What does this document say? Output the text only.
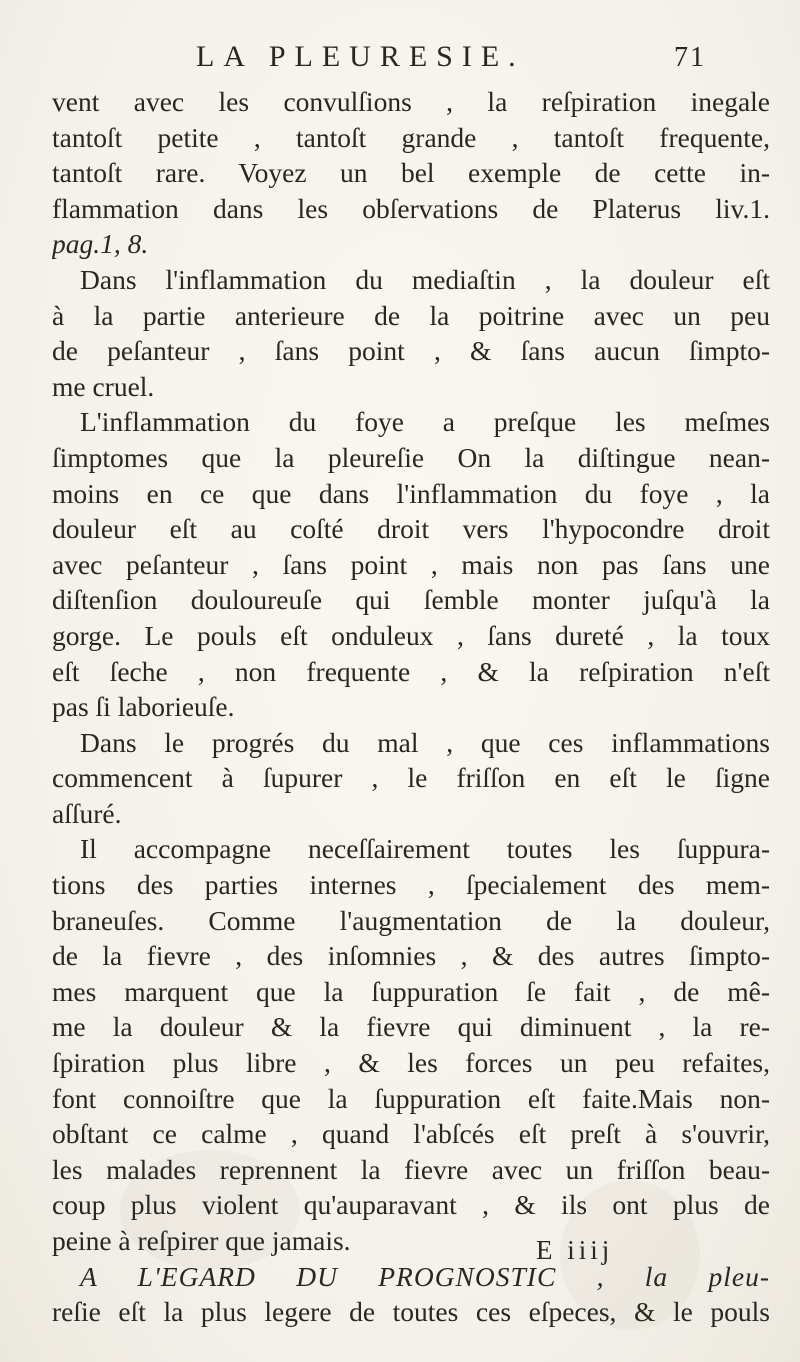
LA PLEURESIE.	71
vent avec les convulſions , la reſpiration inegale
tantoſt petite , tantoſt grande , tantoſt frequente,
tantoſt rare. Voyez un bel exemple de cette in‑
flammation dans les obſervations de Platerus liv.1.
pag.1, 8.
Dans l'inflammation du mediaſtin , la douleur eſt
à la partie anterieure de la poitrine avec un peu
de peſanteur , ſans point , & ſans aucun ſimpto‑
me cruel.
L'inflammation du foye a preſque les meſmes
ſimptomes que la pleureſie On la diſtingue nean‑
moins en ce que dans l'inflammation du foye , la
douleur eſt au coſté droit vers l'hypocondre droit
avec peſanteur , ſans point , mais non pas ſans une
diſtenſion douloureuſe qui ſemble monter juſqu'à la
gorge. Le pouls eſt onduleux , ſans dureté , la toux
eſt ſeche , non frequente , & la reſpiration n'eſt
pas ſi laborieuſe.
Dans le progrés du mal , que ces inflammations
commencent à ſupurer , le friſſon en eſt le ſigne
aſſuré.
Il accompagne neceſſairement toutes les ſuppura‑
tions des parties internes , ſpecialement des mem‑
braneuſes. Comme l'augmentation de la douleur,
de la fievre , des inſomnies , & des autres ſimpto‑
mes marquent que la ſuppuration ſe fait , de mê‑
me la douleur & la fievre qui diminuent , la re‑
ſpiration plus libre , & les forces un peu refaites,
font connoiſtre que la ſuppuration eſt faite.Mais non‑
obſtant ce calme , quand l'abſcés eſt preſt à s'ouvrir,
les malades reprennent la fievre avec un friſſon beau‑
coup plus violent qu'auparavant , & ils ont plus de
peine à reſpirer que jamais.
A L'EGARD DU PROGNOSTIC , la pleu‑
reſie eſt la plus legere de toutes ces eſpeces, & le pouls
E iiij
